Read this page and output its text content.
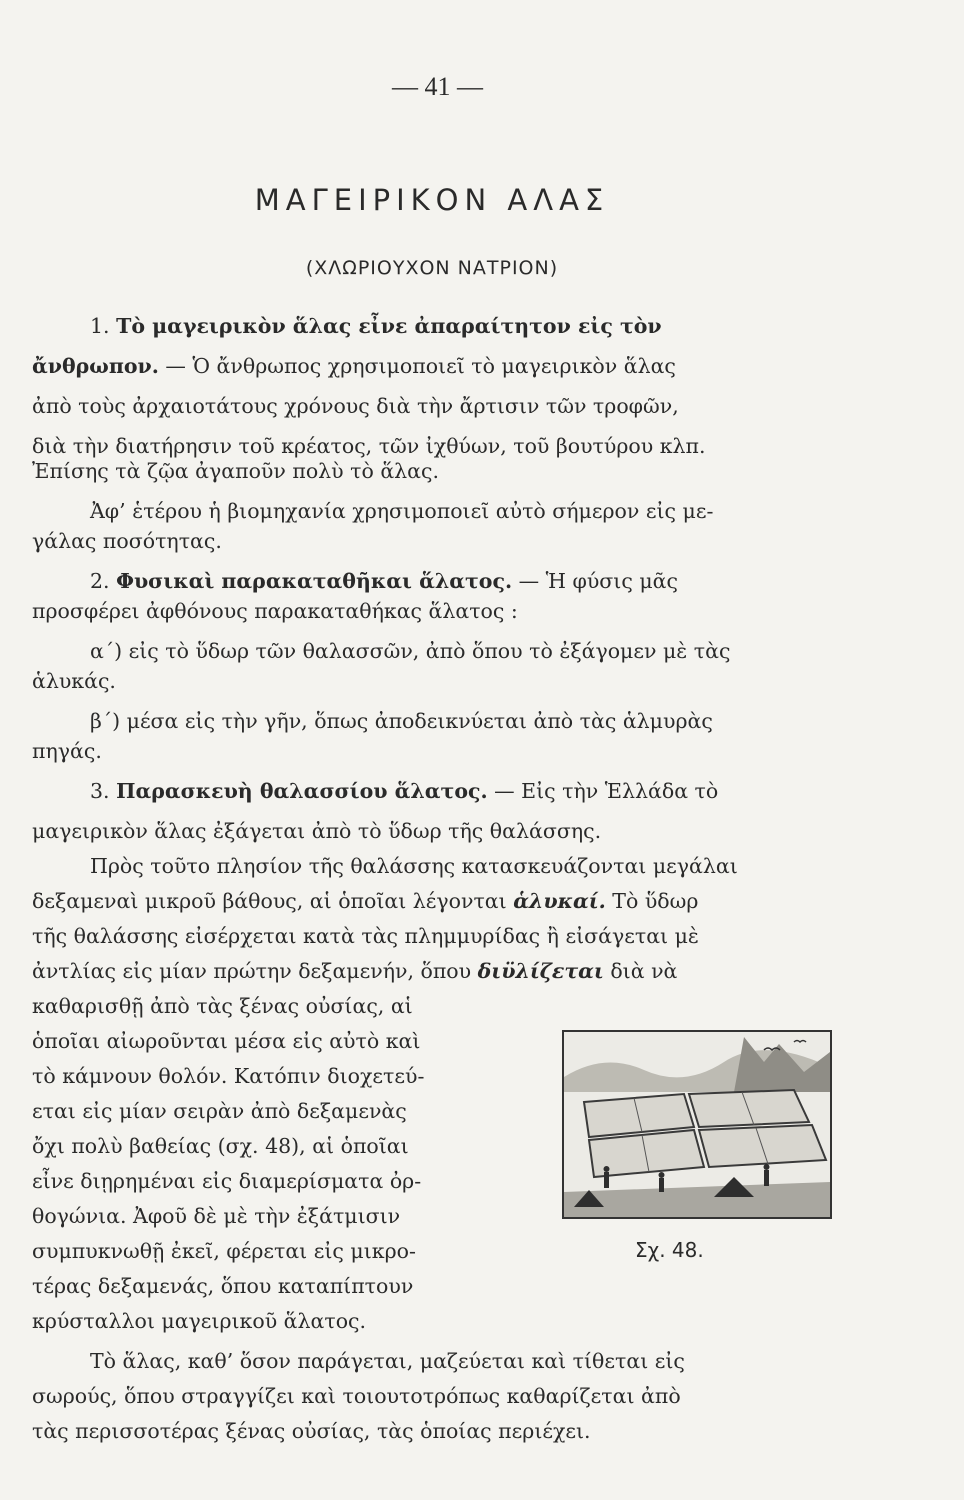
— 41 —
ΜΑΓΕΙΡΙΚΟΝ ΑΛΑΣ
(ΧΛΩΡΙΟΥΧΟΝ ΝΑΤΡΙΟΝ)
1. Τὸ μαγειρικὸν ἅλας εἶνε ἀπαραίτητον εἰς τὸν
ἄνθρωπον. — Ὁ ἄνθρωπος χρησιμοποιεῖ τὸ μαγειρικὸν ἅλας
ἀπὸ τοὺς ἀρχαιοτάτους χρόνους διὰ τὴν ἄρτισιν τῶν τροφῶν,
διὰ τὴν διατήρησιν τοῦ κρέατος, τῶν ἰχθύων, τοῦ βουτύρου κλπ.
Ἐπίσης τὰ ζῷα ἀγαποῦν πολὺ τὸ ἅλας.
Ἀφ’ ἑτέρου ἡ βιομηχανία χρησιμοποιεῖ αὐτὸ σήμερον εἰς με-
γάλας ποσότητας.
2. Φυσικαὶ παρακαταθῆκαι ἅλατος. — Ἡ φύσις μᾶς
προσφέρει ἀφθόνους παρακαταθήκας ἅλατος :
α΄) εἰς τὸ ὕδωρ τῶν θαλασσῶν, ἀπὸ ὅπου τὸ ἐξάγομεν μὲ τὰς
ἁλυκάς.
β΄) μέσα εἰς τὴν γῆν, ὅπως ἀποδεικνύεται ἀπὸ τὰς ἁλμυρὰς
πηγάς.
3. Παρασκευὴ θαλασσίου ἅλατος. — Εἰς τὴν Ἑλλάδα τὸ
μαγειρικὸν ἅλας ἐξάγεται ἀπὸ τὸ ὕδωρ τῆς θαλάσσης.
Πρὸς τοῦτο πλησίον τῆς θαλάσσης κατασκευάζονται μεγάλαι
δεξαμεναὶ μικροῦ βάθους, αἱ ὁποῖαι λέγονται ἁλυκαί. Τὸ ὕδωρ
τῆς θαλάσσης εἰσέρχεται κατὰ τὰς πλημμυρίδας ἢ εἰσάγεται μὲ
ἀντλίας εἰς μίαν πρώτην δεξαμενήν, ὅπου διϋλίζεται διὰ νὰ
καθαρισθῇ ἀπὸ τὰς ξένας οὐσίας, αἱ
ὁποῖαι αἰωροῦνται μέσα εἰς αὐτὸ καὶ
τὸ κάμνουν θολόν. Κατόπιν διοχετεύ-
εται εἰς μίαν σειρὰν ἀπὸ δεξαμενὰς
ὄχι πολὺ βαθείας (σχ. 48), αἱ ὁποῖαι
εἶνε διῃρημέναι εἰς διαμερίσματα ὀρ-
θογώνια. Ἀφοῦ δὲ μὲ τὴν ἐξάτμισιν
συμπυκνωθῇ ἐκεῖ, φέρεται εἰς μικρο-
τέρας δεξαμενάς, ὅπου καταπίπτουν
κρύσταλλοι μαγειρικοῦ ἅλατος.
Τὸ ἅλας, καθ’ ὅσον παράγεται, μαζεύεται καὶ τίθεται εἰς
σωρούς, ὅπου στραγγίζει καὶ τοιουτοτρόπως καθαρίζεται ἀπὸ
τὰς περισσοτέρας ξένας οὐσίας, τὰς ὁποίας περιέχει.
Σχ. 48.
